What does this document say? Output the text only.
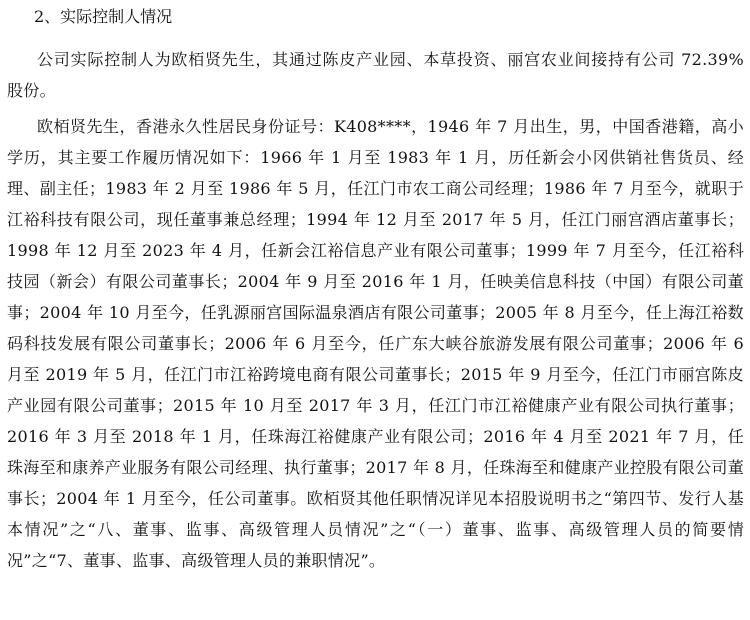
2、实际控制人情况

公司实际控制人为欧栢贤先生，其通过陈皮产业园、本草投资、丽宫农业间接持有公司 72.39% 股份。

欧栢贤先生，香港永久性居民身份证号：K408****，1946 年 7 月出生，男，中国香港籍，高小学历，其主要工作履历情况如下：1966 年 1 月至 1983 年 1 月，历任新会小冈供销社售货员、经理、副主任；1983 年 2 月至 1986 年 5 月，任江门市农工商公司经理；1986 年 7 月至今，就职于江裕科技有限公司，现任董事兼总经理；1994 年 12 月至 2017 年 5 月，任江门丽宫酒店董事长；1998 年 12 月至 2023 年 4 月，任新会江裕信息产业有限公司董事；1999 年 7 月至今，任江裕科技园（新会）有限公司董事长；2004 年 9 月至 2016 年 1 月，任映美信息科技（中国）有限公司董事；2004 年 10 月至今，任乳源丽宫国际温泉酒店有限公司董事；2005 年 8 月至今，任上海江裕数码科技发展有限公司董事长；2006 年 6 月至今，任广东大峡谷旅游发展有限公司董事；2006 年 6 月至 2019 年 5 月，任江门市江裕跨境电商有限公司董事长；2015 年 9 月至今，任江门市丽宫陈皮产业园有限公司董事；2015 年 10 月至 2017 年 3 月，任江门市江裕健康产业有限公司执行董事；2016 年 3 月至 2018 年 1 月，任珠海江裕健康产业有限公司；2016 年 4 月至 2021 年 7 月，任珠海至和康养产业服务有限公司经理、执行董事；2017 年 8 月，任珠海至和健康产业控股有限公司董事长；2004 年 1 月至今，任公司董事。欧栢贤其他任职情况详见本招股说明书之“第四节、发行人基本情况”之“八、董事、监事、高级管理人员情况”之“（一）董事、监事、高级管理人员的简要情况”之“7、董事、监事、高级管理人员的兼职情况”。
